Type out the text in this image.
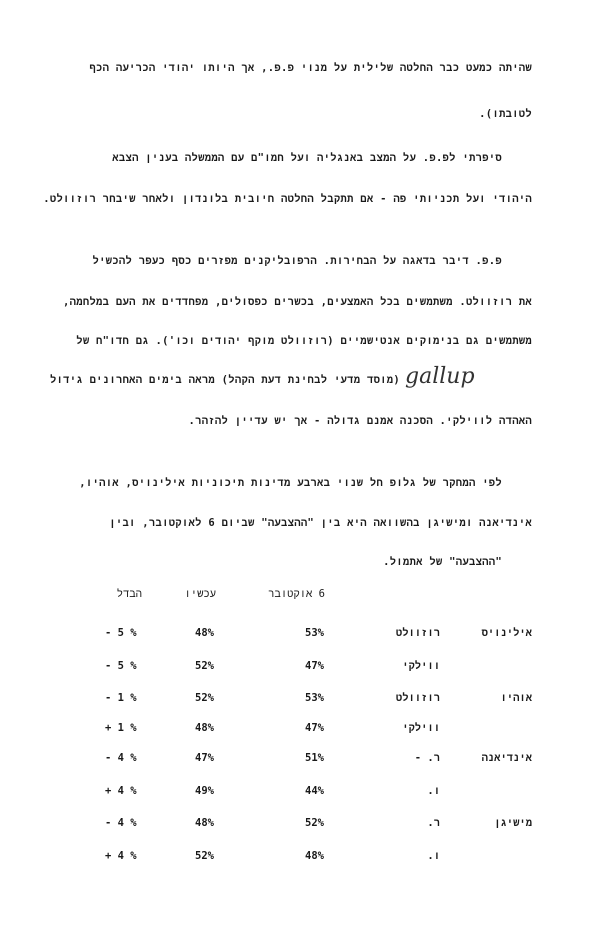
שהיתה כמעט כבר החלטה שלילית על מנוי פ.פ., אך היותו יהודי הכריעה הכף
לטובתו).
סיפרתי לפ.פ. על המצב באנגליה ועל חמו"ם עם הממשלה בענין הצבא
היהודי ועל תכניותי פה - אם תתקבל החלטה חיובית בלונדון ולאחר שיבחר רוזוולט.
פ.פ. דיבר בדאגה על הבחירות. הרפובליקנים מפזרים כסף כעפר להכשיל
את רוזוולט. משתמשים בכל האמצעים, בכשרים כפסולים, מפחדדים את העם במלחמה,
משתמשים גם בנימוקים אנטישמיים (רוזוולט מוקף יהודים וכו'). גם חדו"ח של
gallup
(מוסד מדעי לבחינת דעת הקהל) מראה בימים האחרונים גידול
האהדה לווילקי. הסכנה אמנם גדולה - אך יש עדיין להזהר.
לפי המחקר של גלופ חל שנוי בארבע מדינות תיכוניות אילינויס, אוהיו,
אינדיאנה ומישיגן בהשוואה היא בין "ההצבעה" שביום 6 לאוקטובר, ובין
"ההצבעה" של אתמול.
6 אוקטובר
עכשיו
הבדל
אילינויס
רוזוולט
53%
48%
- 5 %
ווילקי
47%
52%
- 5 %
אוהיו
רוזוולט
53%
52%
- 1 %
ווילקי
47%
48%
+ 1 %
אינדיאנה
ר. -
51%
47%
- 4 %
ו.
44%
49%
+ 4 %
מישיגן
ר.
52%
48%
- 4 %
ו.
48%
52%
+ 4 %
